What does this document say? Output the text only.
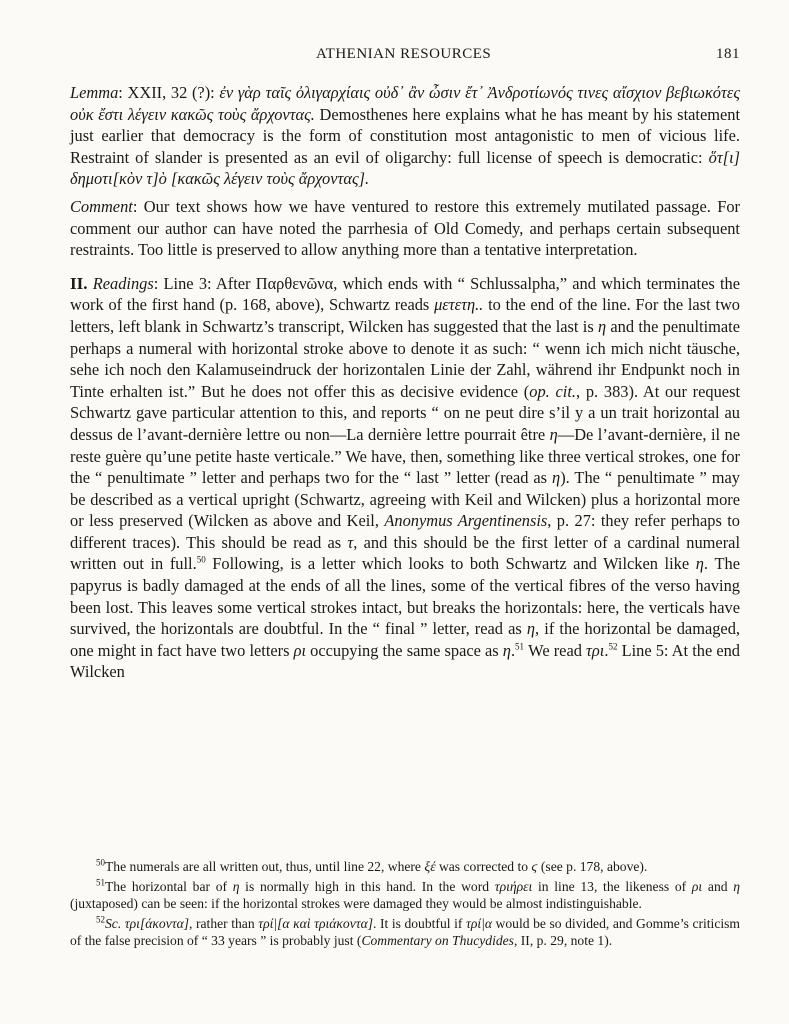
ATHENIAN RESOURCES	181

Lemma: XXII, 32 (?): ἐν γὰρ ταῖς ὀλιγαρχίαις οὐδ᾽ ἂν ὦσιν ἔτ᾽ Ἀνδροτίωνός τινες αἴσχιον βεβιωκότες οὐκ ἔστι λέγειν κακῶς τοὺς ἄρχοντας. Demosthenes here explains what he has meant by his statement just earlier that democracy is the form of constitution most antagonistic to men of vicious life. Restraint of slander is presented as an evil of oligarchy: full license of speech is democratic: ὅτ[ι] δημοτι[κὸν τ]ὸ [κακῶς λέγειν τοὺς ἄρχοντας].

Comment: Our text shows how we have ventured to restore this extremely mutilated passage. For comment our author can have noted the parrhesia of Old Comedy, and perhaps certain subsequent restraints. Too little is preserved to allow anything more than a tentative interpretation.

II. Readings: Line 3: After Παρθενῶνα, which ends with “ Schlussalpha,” and which terminates the work of the first hand (p. 168, above), Schwartz reads μετετη.. to the end of the line. For the last two letters, left blank in Schwartz’s transcript, Wilcken has suggested that the last is η and the penultimate perhaps a numeral with horizontal stroke above to denote it as such: “ wenn ich mich nicht täusche, sehe ich noch den Kalamuseindruck der horizontalen Linie der Zahl, während ihr Endpunkt noch in Tinte erhalten ist.” But he does not offer this as decisive evidence (op. cit., p. 383). At our request Schwartz gave particular attention to this, and reports “ on ne peut dire s’il y a un trait horizontal au dessus de l’avant-dernière lettre ou non—La dernière lettre pourrait être η—De l’avant-dernière, il ne reste guère qu’une petite haste verticale.” We have, then, something like three vertical strokes, one for the “ penultimate ” letter and perhaps two for the “ last ” letter (read as η). The “ penultimate ” may be described as a vertical upright (Schwartz, agreeing with Keil and Wilcken) plus a horizontal more or less preserved (Wilcken as above and Keil, Anonymus Argentinensis, p. 27: they refer perhaps to different traces). This should be read as τ, and this should be the first letter of a cardinal numeral written out in full.$^{50}$ Following, is a letter which looks to both Schwartz and Wilcken like η. The papyrus is badly damaged at the ends of all the lines, some of the vertical fibres of the verso having been lost. This leaves some vertical strokes intact, but breaks the horizontals: here, the verticals have survived, the horizontals are doubtful. In the “ final ” letter, read as η, if the horizontal be damaged, one might in fact have two letters ρι occupying the same space as η.$^{51}$ We read τρι.$^{52}$ Line 5: At the end Wilcken

$^{50}$The numerals are all written out, thus, until line 22, where ξέ was corrected to ϛ (see p. 178, above).

$^{51}$The horizontal bar of η is normally high in this hand. In the word τριήρει in line 13, the likeness of ρι and η (juxtaposed) can be seen: if the horizontal strokes were damaged they would be almost indistinguishable.

$^{52}$Sc. τρι[άκοντα], rather than τρί|[α καὶ τριάκοντα]. It is doubtful if τρί|α would be so divided, and Gomme’s criticism of the false precision of “ 33 years ” is probably just (Commentary on Thucydides, II, p. 29, note 1).
